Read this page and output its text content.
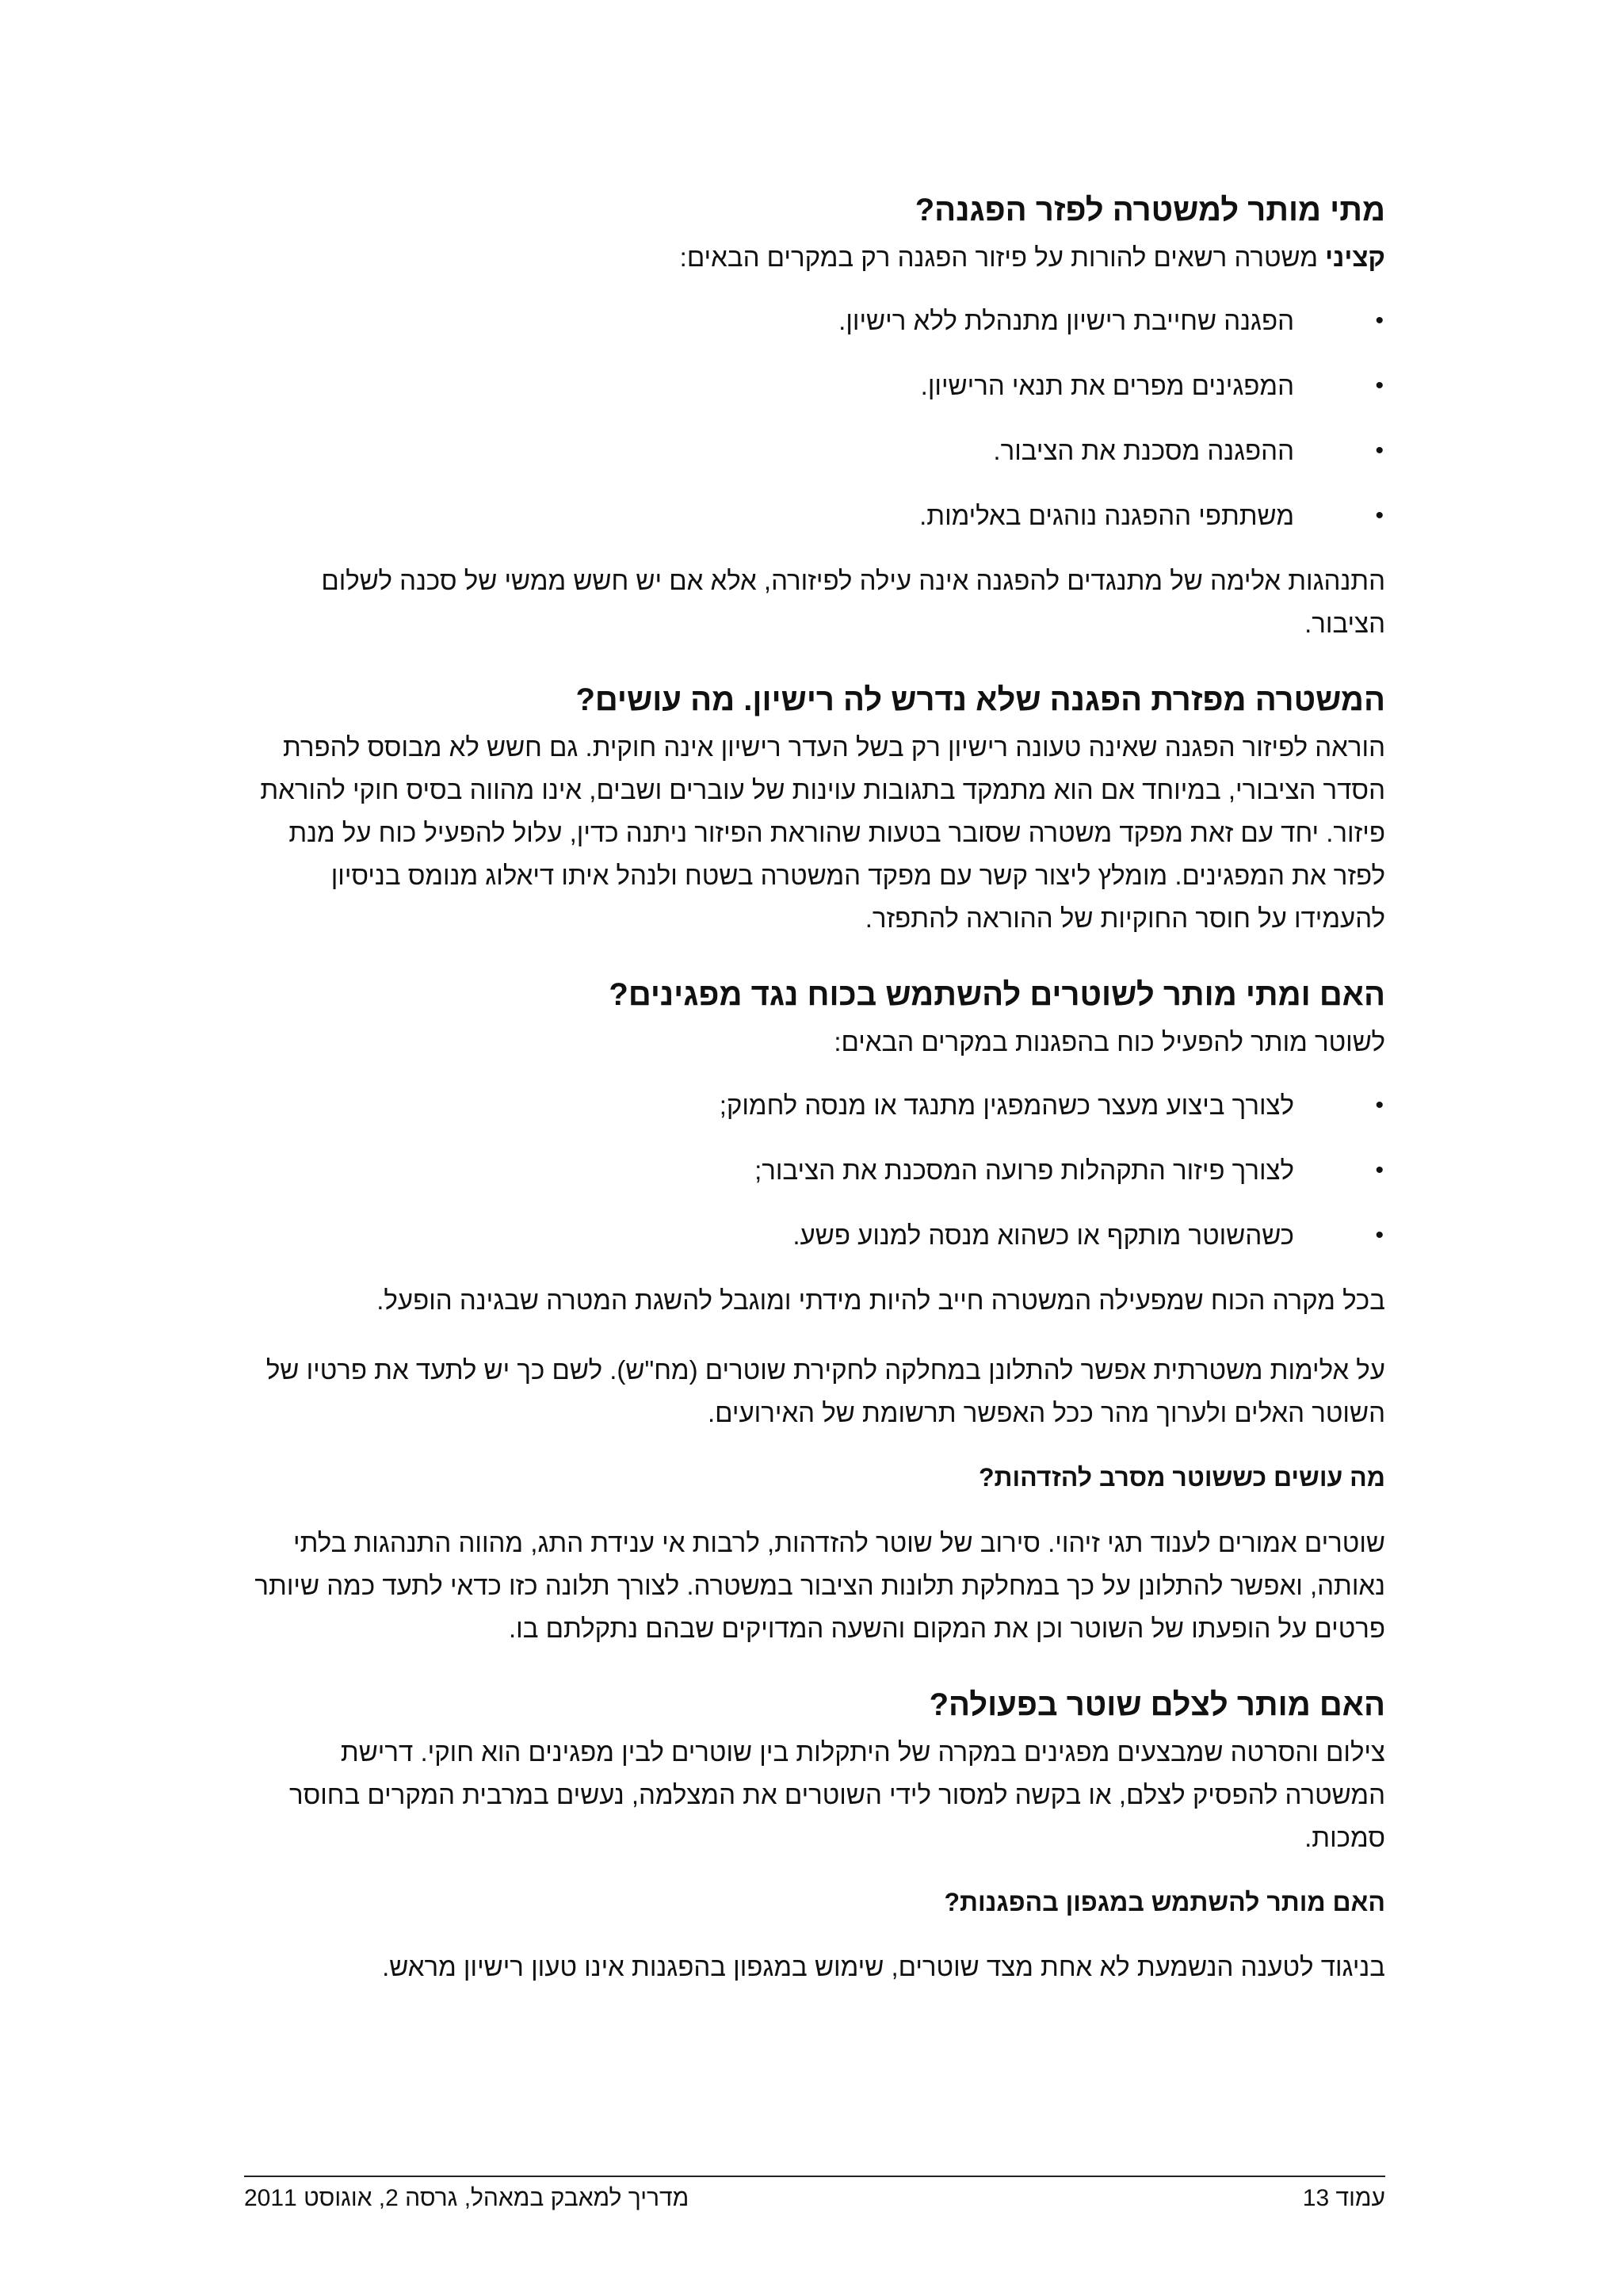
מתי מותר למשטרה לפזר הפגנה?

קציני משטרה רשאים להורות על פיזור הפגנה רק במקרים הבאים:

•
הפגנה שחייבת רישיון מתנהלת ללא רישיון.
•
המפגינים מפרים את תנאי הרישיון.
•
ההפגנה מסכנת את הציבור.
•
משתתפי ההפגנה נוהגים באלימות.

התנהגות אלימה של מתנגדים להפגנה אינה עילה לפיזורה, אלא אם יש חשש ממשי של סכנה לשלום הציבור.

המשטרה מפזרת הפגנה שלא נדרש לה רישיון. מה עושים?

הוראה לפיזור הפגנה שאינה טעונה רישיון רק בשל העדר רישיון אינה חוקית. גם חשש לא מבוסס להפרת הסדר הציבורי, במיוחד אם הוא מתמקד בתגובות עוינות של עוברים ושבים, אינו מהווה בסיס חוקי להוראת פיזור. יחד עם זאת מפקד משטרה שסובר בטעות שהוראת הפיזור ניתנה כדין, עלול להפעיל כוח על מנת לפזר את המפגינים. מומלץ ליצור קשר עם מפקד המשטרה בשטח ולנהל איתו דיאלוג מנומס בניסיון להעמידו על חוסר החוקיות של ההוראה להתפזר.

האם ומתי מותר לשוטרים להשתמש בכוח נגד מפגינים?

לשוטר מותר להפעיל כוח בהפגנות במקרים הבאים:

•
לצורך ביצוע מעצר כשהמפגין מתנגד או מנסה לחמוק;
•
לצורך פיזור התקהלות פרועה המסכנת את הציבור;
•
כשהשוטר מותקף או כשהוא מנסה למנוע פשע.

בכל מקרה הכוח שמפעילה המשטרה חייב להיות מידתי ומוגבל להשגת המטרה שבגינה הופעל.

על אלימות משטרתית אפשר להתלונן במחלקה לחקירת שוטרים (מח"ש). לשם כך יש לתעד את פרטיו של השוטר האלים ולערוך מהר ככל האפשר תרשומת של האירועים.

מה עושים כששוטר מסרב להזדהות?

שוטרים אמורים לענוד תגי זיהוי. סירוב של שוטר להזדהות, לרבות אי ענידת התג, מהווה התנהגות בלתי נאותה, ואפשר להתלונן על כך במחלקת תלונות הציבור במשטרה. לצורך תלונה כזו כדאי לתעד כמה שיותר פרטים על הופעתו של השוטר וכן את המקום והשעה המדויקים שבהם נתקלתם בו.

האם מותר לצלם שוטר בפעולה?

צילום והסרטה שמבצעים מפגינים במקרה של היתקלות בין שוטרים לבין מפגינים הוא חוקי. דרישת המשטרה להפסיק לצלם, או בקשה למסור לידי השוטרים את המצלמה, נעשים במרבית המקרים בחוסר סמכות.

האם מותר להשתמש במגפון בהפגנות?

בניגוד לטענה הנשמעת לא אחת מצד שוטרים, שימוש במגפון בהפגנות אינו טעון רישיון מראש.

עמוד 13
מדריך למאבק במאהל, גרסה 2, אוגוסט 2011
